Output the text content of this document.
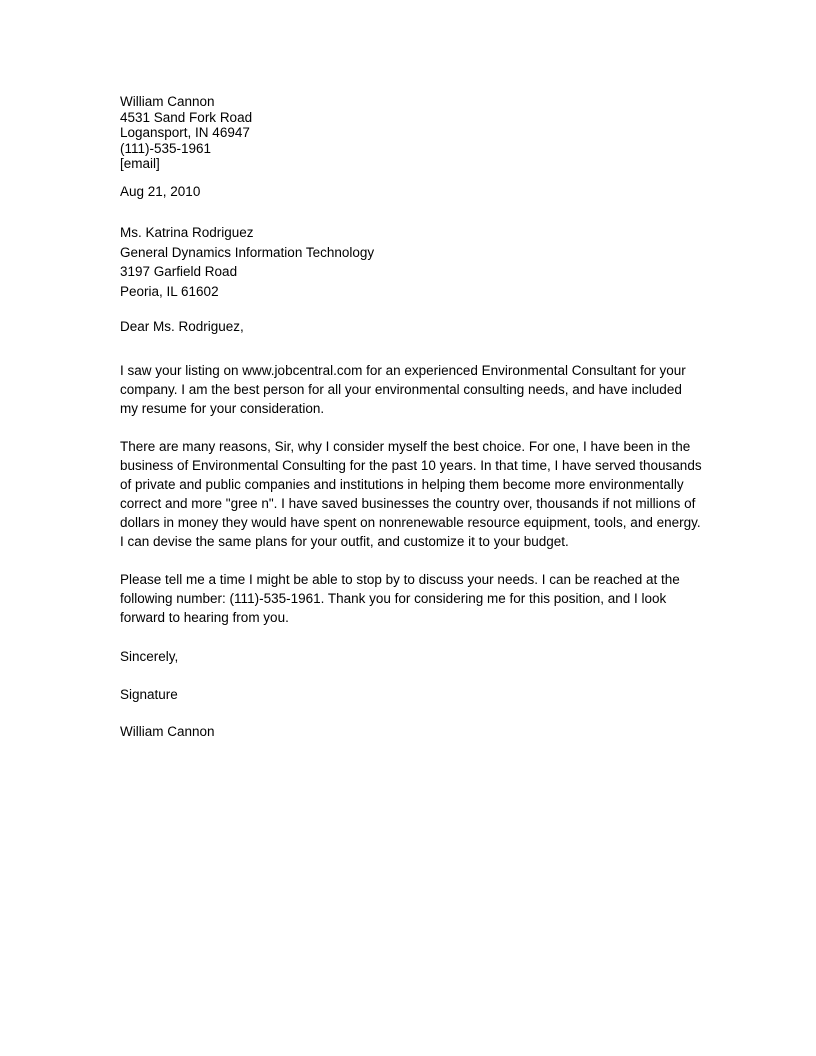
William Cannon
4531 Sand Fork Road
Logansport, IN 46947
(111)-535-1961
[email]
Aug 21, 2010
Ms. Katrina Rodriguez
General Dynamics Information Technology
3197 Garfield Road
Peoria, IL 61602
Dear Ms. Rodriguez,
I saw your listing on www.jobcentral.com for an experienced Environmental Consultant for your
company. I am the best person for all your environmental consulting needs, and have included
my resume for your consideration.
There are many reasons, Sir, why I consider myself the best choice. For one, I have been in the
business of Environmental Consulting for the past 10 years. In that time, I have served thousands
of private and public companies and institutions in helping them become more environmentally
correct and more "gree n". I have saved businesses the country over, thousands if not millions of
dollars in money they would have spent on nonrenewable resource equipment, tools, and energy.
I can devise the same plans for your outfit, and customize it to your budget.
Please tell me a time I might be able to stop by to discuss your needs. I can be reached at the
following number: (111)-535-1961. Thank you for considering me for this position, and I look
forward to hearing from you.
Sincerely,
Signature
William Cannon
